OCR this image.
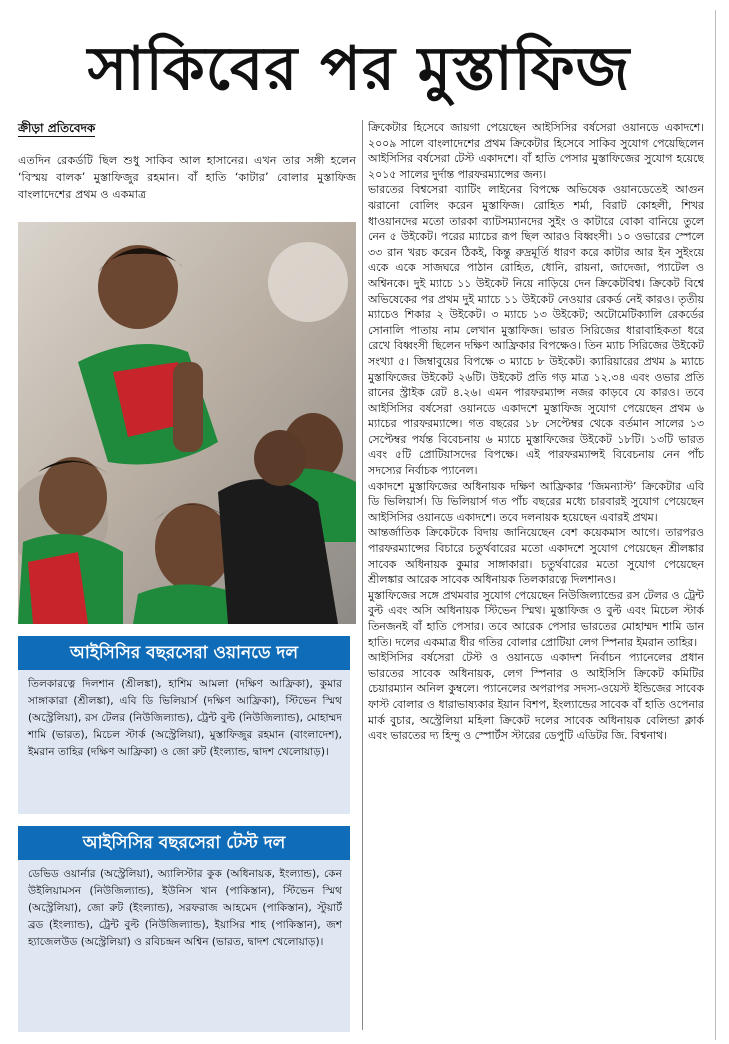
সাকিবের পর মুস্তাফিজ
ক্রীড়া প্রতিবেদক

এতদিন রেকর্ডটি ছিল শুধু সাকিব আল হাসানের। এখন তার সঙ্গী হলেন ‘বিস্ময় বালক’ মুস্তাফিজুর রহমান। বাঁ হাতি ‘কাটার’ বোলার মুস্তাফিজ বাংলাদেশের প্রথম ও একমাত্র

আইসিসির বছরসেরা ওয়ানডে দল

তিলকারত্নে দিলশান (শ্রীলঙ্কা), হাশিম আমলা (দক্ষিণ আফ্রিকা), কুমার সাঙ্গাকারা (শ্রীলঙ্কা), এবি ডি ভিলিয়ার্স (দক্ষিণ আফ্রিকা), স্টিভেন স্মিথ (অস্ট্রেলিয়া), রস টেলর (নিউজিল্যান্ড), ট্রেন্ট বুল্ট (নিউজিল্যান্ড), মোহাম্মদ শামি (ভারত), মিচেল স্টার্ক (অস্ট্রেলিয়া), মুস্তাফিজুর রহমান (বাংলাদেশ), ইমরান তাহির (দক্ষিণ আফ্রিকা) ও জো রুট (ইংল্যান্ড, দ্বাদশ খেলোয়াড়)।

আইসিসির বছরসেরা টেস্ট দল

ডেভিড ওয়ার্নার (অস্ট্রেলিয়া), অ্যালিস্টার কুক (অধিনায়ক, ইংল্যান্ড), কেন উইলিয়ামসন (নিউজিল্যান্ড), ইউনিস খান (পাকিস্তান), স্টিভেন স্মিথ (অস্ট্রেলিয়া), জো রুট (ইংল্যান্ড), সরফরাজ আহমেদ (পাকিস্তান), স্টুয়ার্ট ব্রড (ইংল্যান্ড), ট্রেন্ট বুল্ট (নিউজিল্যান্ড), ইয়াসির শাহ (পাকিস্তান), জশ হ্যাজেলউড (অস্ট্রেলিয়া) ও রবিচন্দ্রন অশ্বিন (ভারত, দ্বাদশ খেলোয়াড়)।

ক্রিকেটার হিসেবে জায়গা পেয়েছেন আইসিসির বর্ষসেরা ওয়ানডে একাদশে। ২০০৯ সালে বাংলাদেশের প্রথম ক্রিকেটার হিসেবে সাকিব সুযোগ পেয়েছিলেন আইসিসির বর্ষসেরা টেস্ট একাদশে। বাঁ হাতি পেসার মুস্তাফিজের সুযোগ হয়েছে ২০১৫ সালের দুর্দান্ত পারফরম্যান্সের জন্য।

ভারতের বিশ্বসেরা ব্যাটিং লাইনের বিপক্ষে অভিষেক ওয়ানডেতেই আগুন ঝরানো বোলিং করেন মুস্তাফিজ। রোহিত শর্মা, বিরাট কোহলী, শিখর ধাওয়ানদের মতো তারকা ব্যাটসম্যানদের সুইং ও কাটারে বোকা বানিয়ে তুলে নেন ৫ উইকেট। পরের ম্যাচের রূপ ছিল আরও বিধ্বংসী। ১০ ওভারের স্পেলে ৩৩ রান খরচ করেন ঠিকই, কিন্তু রুদ্রমূর্তি ধারণ করে কাটার আর ইন সুইংয়ে একে একে সাজঘরে পাঠান রোহিত, ধোনি, রায়না, জাদেজা, প্যাটেল ও অশ্বিনকে। দুই ম্যাচে ১১ উইকেট নিয়ে নাড়িয়ে দেন ক্রিকেটবিশ্ব। ক্রিকেট বিশ্বে অভিষেকের পর প্রথম দুই ম্যাচে ১১ উইকেট নেওয়ার রেকর্ড নেই কারও। তৃতীয় ম্যাচেও শিকার ২ উইকেট। ৩ ম্যাচে ১৩ উইকেট; অটোমেটিক্যালি রেকর্ডের সোনালি পাতায় নাম লেখান মুস্তাফিজ। ভারত সিরিজের ধারাবাহিকতা ধরে রেখে বিধ্বংসী ছিলেন দক্ষিণ আফ্রিকার বিপক্ষেও। তিন ম্যাচ সিরিজের উইকেট সংখ্যা ৫। জিম্বাবুয়ের বিপক্ষে ৩ ম্যাচে ৮ উইকেট। ক্যারিয়ারের প্রথম ৯ ম্যাচে মুস্তাফিজের উইকেট ২৬টি। উইকেট প্রতি গড় মাত্র ১২.৩৪ এবং ওভার প্রতি রানের স্ট্রাইক রেট ৪.২৬। এমন পারফরম্যান্স নজর কাড়বে যে কারও। তবে আইসিসির বর্ষসেরা ওয়ানডে একাদশে মুস্তাফিজ সুযোগ পেয়েছেন প্রথম ৬ ম্যাচের পারফরম্যান্সে। গত বছরের ১৮ সেপ্টেম্বর থেকে বর্তমান সালের ১৩ সেপ্টেম্বর পর্যন্ত বিবেচনায় ৬ ম্যাচে মুস্তাফিজের উইকেট ১৮টি। ১৩টি ভারত এবং ৫টি প্রোটিয়াসদের বিপক্ষে। এই পারফরম্যান্সই বিবেচনায় নেন পাঁচ সদস্যের নির্বাচক প্যানেল।

একাদশে মুস্তাফিজের অধিনায়ক দক্ষিণ আফ্রিকার ‘জিমন্যাস্ট’ ক্রিকেটার এবি ডি ভিলিয়ার্স। ডি ভিলিয়ার্স গত পাঁচ বছরের মধ্যে চারবারই সুযোগ পেয়েছেন আইসিসির ওয়ানডে একাদশে। তবে দলনায়ক হয়েছেন এবারই প্রথম।

আন্তর্জাতিক ক্রিকেটকে বিদায় জানিয়েছেন বেশ কয়েকমাস আগে। তারপরও পারফরম্যান্সের বিচারে চতুর্থবারের মতো একাদশে সুযোগ পেয়েছেন শ্রীলঙ্কার সাবেক অধিনায়ক কুমার সাঙ্গাকারা। চতুর্থবারের মতো সুযোগ পেয়েছেন শ্রীলঙ্কার আরেক সাবেক অধিনায়ক তিলকারত্নে দিলশানও।

মুস্তাফিজের সঙ্গে প্রথমবার সুযোগ পেয়েছেন নিউজিল্যান্ডের রস টেলর ও ট্রেন্ট বুল্ট এবং অসি অধিনায়ক স্টিভেন স্মিথ। মুস্তাফিজ ও বুল্ট এবং মিচেল স্টার্ক তিনজনই বাঁ হাতি পেসার। তবে আরেক পেসার ভারতের মোহাম্মদ শামি ডান হাতি। দলের একমাত্র ধীর গতির বোলার প্রোটিয়া লেগ স্পিনার ইমরান তাহির।

আইসিসির বর্ষসেরা টেস্ট ও ওয়ানডে একাদশ নির্বাচন প্যানেলের প্রধান ভারতের সাবেক অধিনায়ক, লেগ স্পিনার ও আইসিসি ক্রিকেট কমিটির চেয়ারম্যান অনিল কুম্বলে। প্যানেলের অপরাপর সদস্য-ওয়েস্ট ইন্ডিজের সাবেক ফাস্ট বোলার ও ধারাভাষ্যকার ইয়ান বিশপ, ইংল্যান্ডের সাবেক বাঁ হাতি ওপেনার মার্ক বুচার, অস্ট্রেলিয়া মহিলা ক্রিকেট দলের সাবেক অধিনায়ক বেলিন্ডা ক্লার্ক এবং ভারতের দ্য হিন্দু ও স্পোর্টস স্টারের ডেপুটি এডিটর জি. বিশ্বনাথ।
